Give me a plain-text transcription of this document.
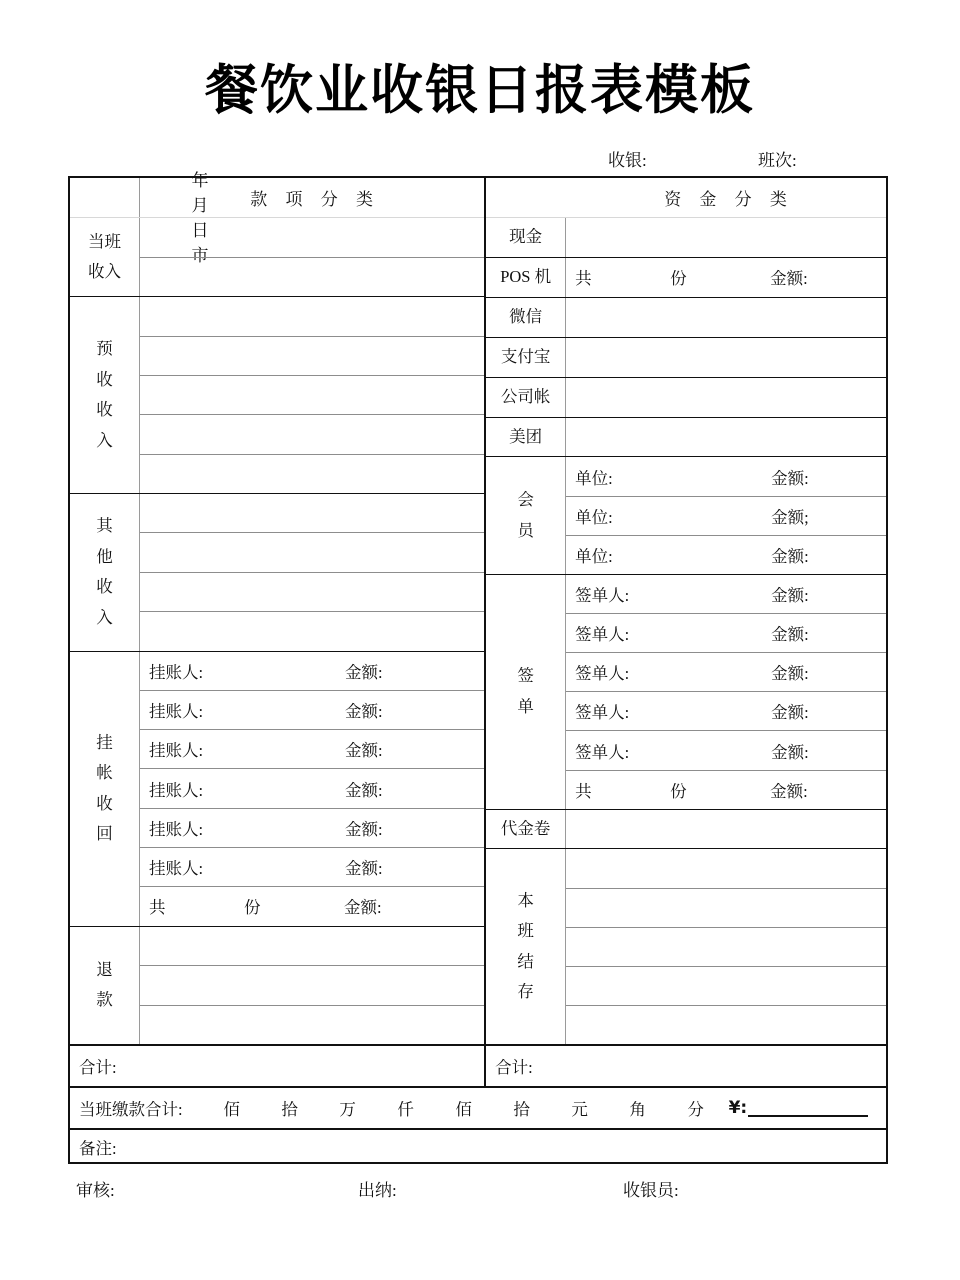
餐饮业收银日报表模板

年
月
日
市

收银:	班次:
款 项 分 类
当班
收入
预
收
收
入
其
他
收
入
挂
帐
收
回
挂账人:	金额:
挂账人:	金额:
挂账人:	金额:
挂账人:	金额:
挂账人:	金额:
挂账人:	金额:
共	份	金额:
退
款
资 金 分 类
现金
POS 机 共	份	金额:
微信
支付宝
公司帐
美团
会
员
单位:	金额:
单位:	金额;
单位:	金额:
签
单
签单人:	金额:
签单人:	金额:
签单人:	金额:
签单人:	金额:
签单人:	金额:
共	份	金额:
代金卷
本
班
结
存
合计:	合计:
当班缴款合计:	佰	拾	万	仟	佰	拾	元	角	分	¥:
备注:
审核:	出纳:	收银员:
